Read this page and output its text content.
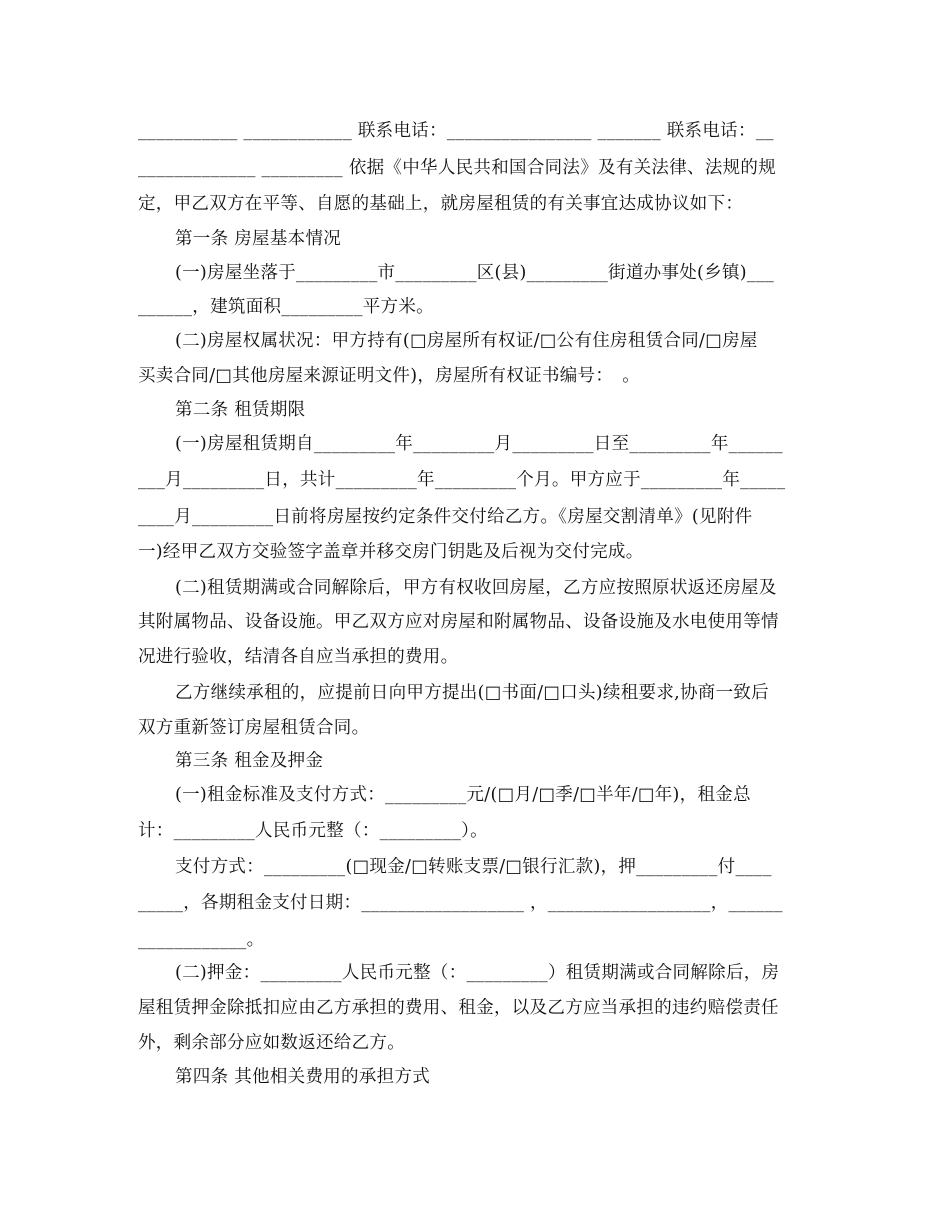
___________ ____________ 联系电话：________________ _______ 联系电话：__
_____________ _________ 依据《中华人民共和国合同法》及有关法律、法规的规
定，甲乙双方在平等、自愿的基础上，就房屋租赁的有关事宜达成协议如下：
第一条 房屋基本情况
(一)房屋坐落于_________市_________区(县)_________街道办事处(乡镇)___
______，建筑面积_________平方米。
(二)房屋权属状况：甲方持有(□房屋所有权证/□公有住房租赁合同/□房屋
买卖合同/□其他房屋来源证明文件)，房屋所有权证书编号：　。
第二条 租赁期限
(一)房屋租赁期自_________年_________月_________日至_________年______
___月_________日，共计_________年_________个月。甲方应于_________年_____
____月_________日前将房屋按约定条件交付给乙方。《房屋交割清单》(见附件
一)经甲乙双方交验签字盖章并移交房门钥匙及后视为交付完成。
(二)租赁期满或合同解除后，甲方有权收回房屋，乙方应按照原状返还房屋及
其附属物品、设备设施。甲乙双方应对房屋和附属物品、设备设施及水电使用等情
况进行验收，结清各自应当承担的费用。
乙方继续承租的，应提前日向甲方提出(□书面/□口头)续租要求,协商一致后
双方重新签订房屋租赁合同。
第三条 租金及押金
(一)租金标准及支付方式：_________元/(□月/□季/□半年/□年)，租金总
计：_________人民币元整（：_________）。
支付方式：_________(□现金/□转账支票/□银行汇款)，押_________付____
_____，各期租金支付日期：__________________ ，__________________，______
____________。
(二)押金：_________人民币元整（：_________）租赁期满或合同解除后，房
屋租赁押金除抵扣应由乙方承担的费用、租金，以及乙方应当承担的违约赔偿责任
外，剩余部分应如数返还给乙方。
第四条 其他相关费用的承担方式
